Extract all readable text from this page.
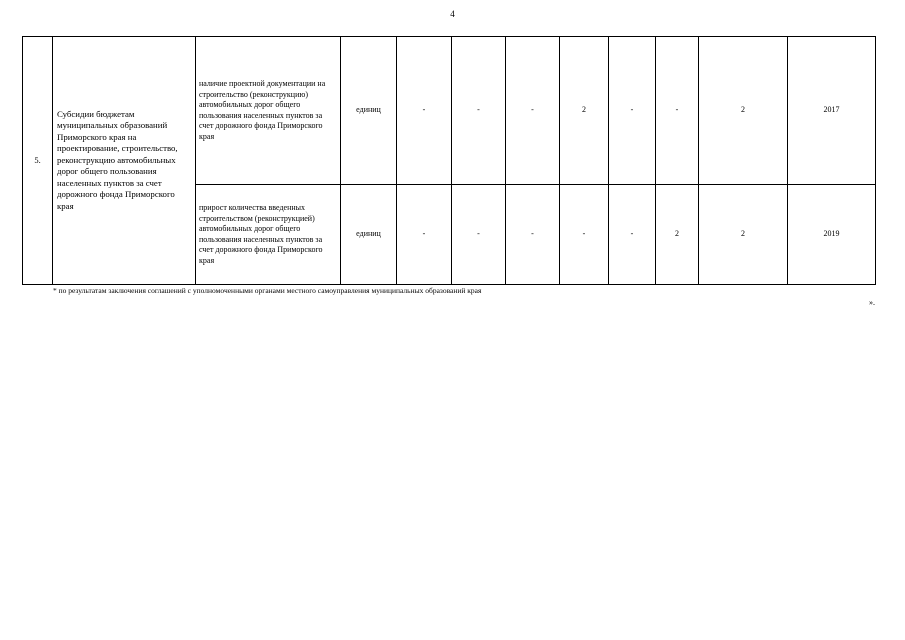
4
5.	Субсидии бюджетам муниципальных образований Приморского края на проектирование, строительство, реконструкцию автомобильных дорог общего пользования населенных пунктов за счет дорожного фонда Приморского края	наличие проектной документации на строительство (реконструкцию) автомобильных дорог общего пользования населенных пунктов за счет дорожного фонда Приморского края	единиц	-	-	-	2	-	-	2	2017
		прирост количества введенных строительством (реконструкцией) автомобильных дорог общего пользования населенных пунктов за счет дорожного фонда Приморского края	единиц	-	-	-	-	-	2	2	2019
* по результатам заключения соглашений с уполномоченными органами местного самоуправления муниципальных образований края
».
